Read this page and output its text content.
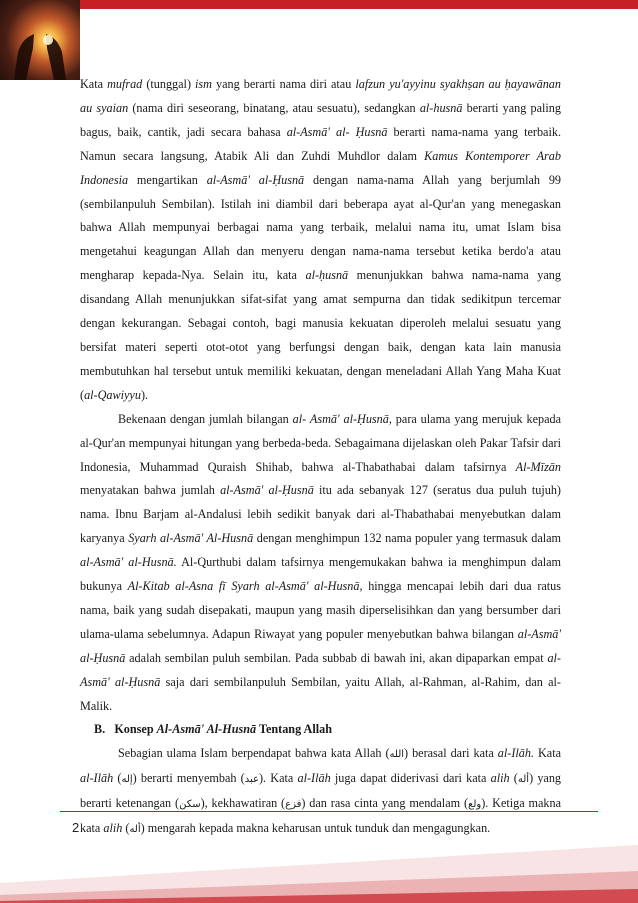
Kata mufrad (tunggal) ism yang berarti nama diri atau lafzun yu'ayyinu syakhṣan au ḥayawānan au syaian (nama diri seseorang, binatang, atau sesuatu), sedangkan al-husnā berarti yang paling bagus, baik, cantik, jadi secara bahasa al-Asmā' al- Ḥusnā berarti nama-nama yang terbaik. Namun secara langsung, Atabik Ali dan Zuhdi Muhdlor dalam Kamus Kontemporer Arab Indonesia mengartikan al-Asmā' al-Ḥusnā dengan nama-nama Allah yang berjumlah 99 (sembilanpuluh Sembilan). Istilah ini diambil dari beberapa ayat al-Qur'an yang menegaskan bahwa Allah mempunyai berbagai nama yang terbaik, melalui nama itu, umat Islam bisa mengetahui keagungan Allah dan menyeru dengan nama-nama tersebut ketika berdo'a atau mengharap kepada-Nya. Selain itu, kata al-ḥusnā menunjukkan bahwa nama-nama yang disandang Allah menunjukkan sifat-sifat yang amat sempurna dan tidak sedikitpun tercemar dengan kekurangan. Sebagai contoh, bagi manusia kekuatan diperoleh melalui sesuatu yang bersifat materi seperti otot-otot yang berfungsi dengan baik, dengan kata lain manusia membutuhkan hal tersebut untuk memiliki kekuatan, dengan meneladani Allah Yang Maha Kuat (al-Qawiyyu).

Bekenaan dengan jumlah bilangan al- Asmā' al-Ḥusnā, para ulama yang merujuk kepada al-Qur'an mempunyai hitungan yang berbeda-beda. Sebagaimana dijelaskan oleh Pakar Tafsir dari Indonesia, Muhammad Quraish Shihab, bahwa al-Thabathabai dalam tafsirnya Al-Mīzān menyatakan bahwa jumlah al-Asmā' al-Ḥusnā itu ada sebanyak 127 (seratus dua puluh tujuh) nama. Ibnu Barjam al-Andalusi lebih sedikit banyak dari al-Thabathabai menyebutkan dalam karyanya Syarh al-Asmā' Al-Husnā dengan menghimpun 132 nama populer yang termasuk dalam al-Asmā' al-Husnā. Al-Qurthubi dalam tafsirnya mengemukakan bahwa ia menghimpun dalam bukunya Al-Kitab al-Asna fī Syarh al-Asmā' al-Husnā, hingga mencapai lebih dari dua ratus nama, baik yang sudah disepakati, maupun yang masih diperselisihkan dan yang bersumber dari ulama-ulama sebelumnya. Adapun Riwayat yang populer menyebutkan bahwa bilangan al-Asmā' al-Ḥusnā adalah sembilan puluh sembilan. Pada subbab di bawah ini, akan dipaparkan empat al-Asmā' al-Ḥusnā saja dari sembilanpuluh Sembilan, yaitu Allah, al-Rahman, al-Rahim, dan al-Malik.

B. Konsep Al-Asmā' Al-Husnā Tentang Allah

Sebagian ulama Islam berpendapat bahwa kata Allah (الله) berasal dari kata al-Ilāh. Kata al-Ilāh (إله) berarti menyembah (عبد). Kata al-Ilāh juga dapat diderivasi dari kata alih (أله) yang berarti ketenangan (سكن), kekhawatiran (فزع) dan rasa cinta yang mendalam (ولع). Ketiga makna kata alih (أله) mengarah kepada makna keharusan untuk tunduk dan mengagungkan.

2
